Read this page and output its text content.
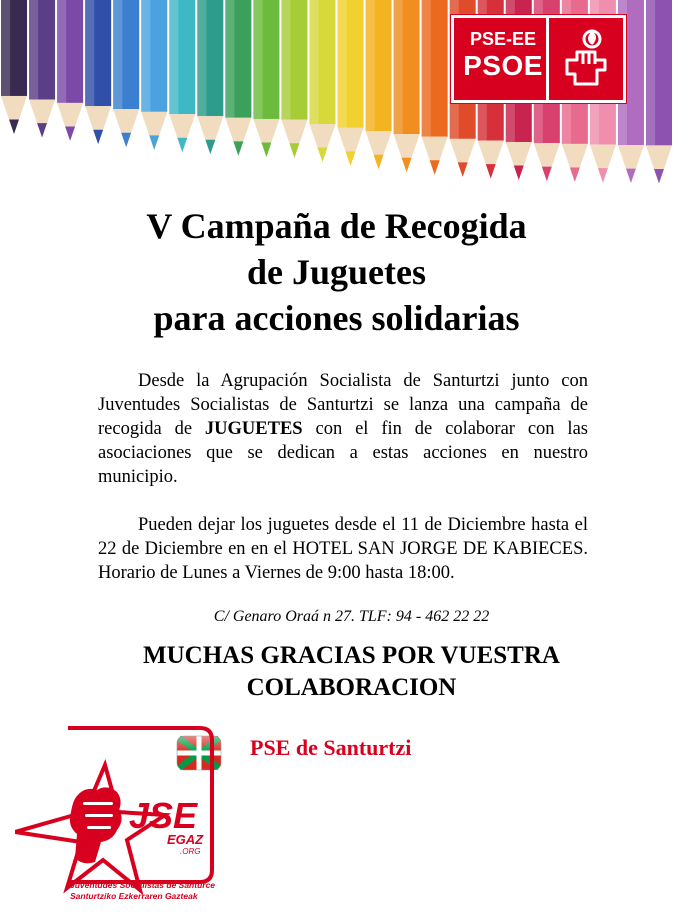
PSE-EE
PSOE
V Campaña de Recogida
de Juguetes
para acciones solidarias
Desde la Agrupación Socialista de Santurtzi junto con Juventudes Socialistas de Santurtzi se lanza una campaña de recogida de JUGUETES con el fin de colaborar con las asociaciones que se dedican a estas acciones en nuestro municipio.
Pueden dejar los juguetes desde el 11 de Diciembre hasta el 22 de Diciembre en en el HOTEL SAN JORGE DE KABIECES. Horario de Lunes a Viernes de 9:00 hasta 18:00.
C/ Genaro Oraá n 27. TLF: 94 - 462 22 22
MUCHAS GRACIAS POR VUESTRA
COLABORACION
PSE de Santurtzi
JSE
EGAZ
.ORG
Juventudes Socialistas de Santurce
Santurtziko Ezkerraren Gazteak
